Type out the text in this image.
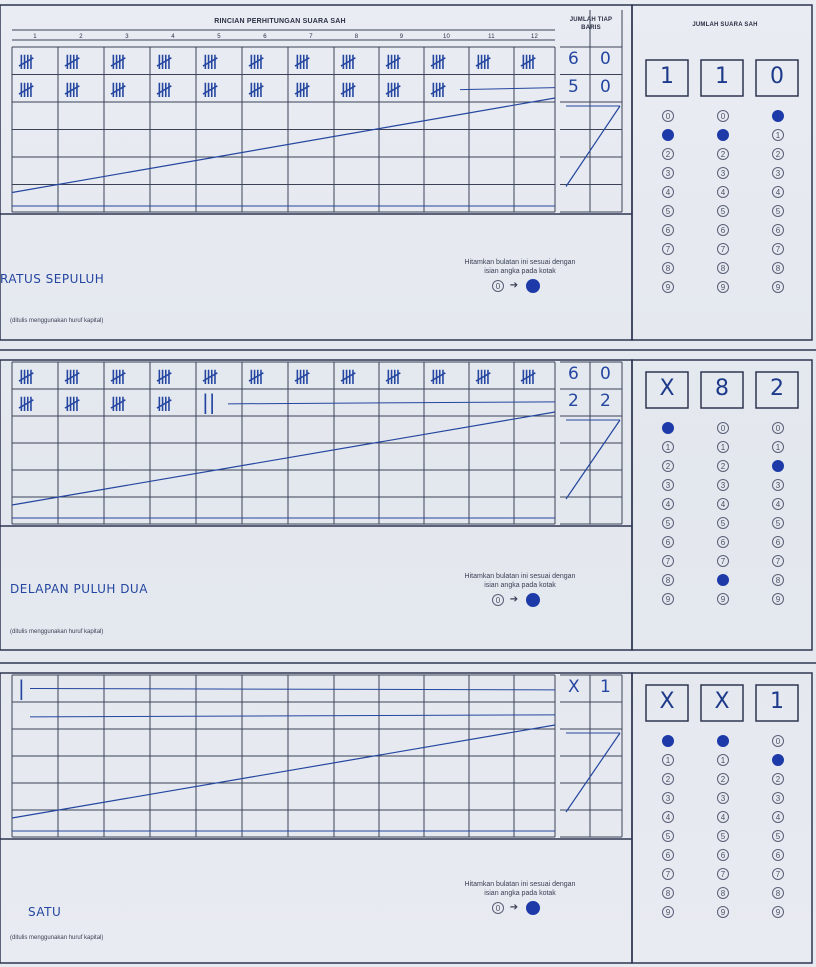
RINCIAN PERHITUNGAN SUARA SAH
1	2	3	4	5	6	7	8	9	10	11	12
JUMLAH TIAP BARIS	JUMLAH SUARA SAH
𝍸 𝍸 𝍸 𝍸 𝍸 𝍸 𝍸 𝍸 𝍸 𝍸 𝍸 𝍸
𝍸 𝍸 𝍸 𝍸 𝍸 𝍸 𝍸 𝍸 𝍸 𝍸
6 0
5 0
RATUS SEPULUH
(ditulis menggunakan huruf kapital)
Hitamkan bulatan ini sesuai dengan
isian angka pada kotak
0 ➔
1	1	0
0	0	0
1	1	1
2	2	2
3	3	3
4	4	4
5	5	5
6	6	6
7	7	7
8	8	8
9	9	9
𝍸 𝍸 𝍸 𝍸 𝍸 𝍸 𝍸 𝍸 𝍸 𝍸 𝍸 𝍸
𝍸 𝍸 𝍸 𝍸 ||
6 0
2 2
DELAPAN PULUH DUA
(ditulis menggunakan huruf kapital)
Hitamkan bulatan ini sesuai dengan
isian angka pada kotak
0 ➔
X	8	2
0	0	0
1	1	1
2	2	2
3	3	3
4	4	4
5	5	5
6	6	6
7	7	7
8	8	8
9	9	9
|	X 1
SATU
(ditulis menggunakan huruf kapital)
Hitamkan bulatan ini sesuai dengan
isian angka pada kotak
0 ➔
X	X	1
0	0	0
1	1	1
2	2	2
3	3	3
4	4	4
5	5	5
6	6	6
7	7	7
8	8	8
9	9	9
